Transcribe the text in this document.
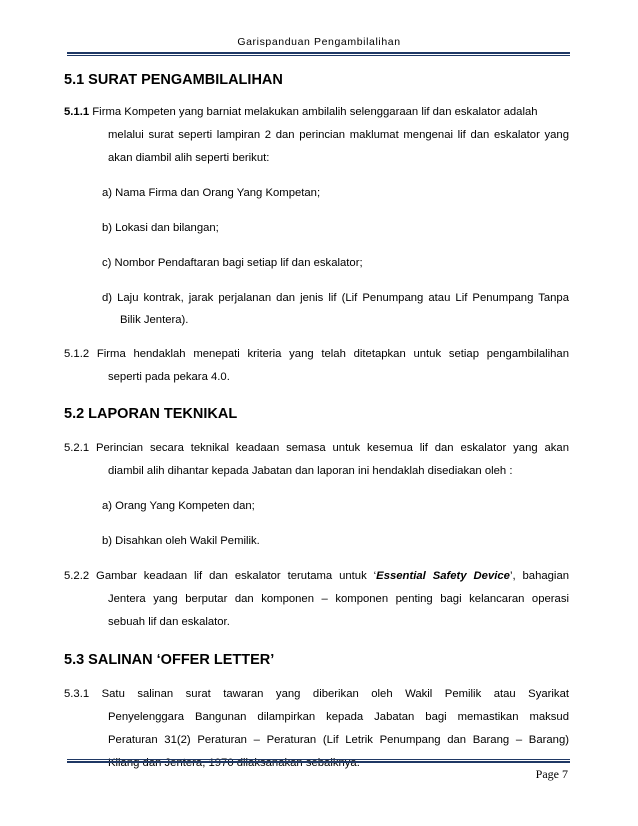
Garispanduan Pengambilalihan
5.1 SURAT PENGAMBILALIHAN

5.1.1 Firma Kompeten yang barniat melakukan ambilalih selenggaraan lif dan eskalator adalah

melalui surat seperti lampiran 2 dan perincian maklumat mengenai lif dan eskalator yang

akan diambil alih seperti berikut:

a) Nama Firma dan Orang Yang Kompetan;

b) Lokasi dan bilangan;

c) Nombor Pendaftaran bagi setiap lif dan eskalator;

d) Laju kontrak, jarak perjalanan dan jenis lif (Lif Penumpang atau Lif Penumpang Tanpa

Bilik Jentera).

5.1.2 Firma hendaklah menepati kriteria yang telah ditetapkan untuk setiap pengambilalihan

seperti pada pekara 4.0.

5.2 LAPORAN TEKNIKAL

5.2.1 Perincian secara teknikal keadaan semasa untuk kesemua lif dan eskalator yang akan

diambil alih dihantar kepada Jabatan dan laporan ini hendaklah disediakan oleh :

a) Orang Yang Kompeten dan;

b) Disahkan oleh Wakil Pemilik.

5.2.2 Gambar keadaan lif dan eskalator terutama untuk ‘Essential Safety Device’, bahagian

Jentera yang berputar dan komponen – komponen penting bagi kelancaran operasi

sebuah lif dan eskalator.

5.3 SALINAN ‘OFFER LETTER’

5.3.1 Satu salinan surat tawaran yang diberikan oleh Wakil Pemilik atau Syarikat

Penyelenggara Bangunan dilampirkan kepada Jabatan bagi memastikan maksud

Peraturan 31(2) Peraturan – Peraturan (Lif Letrik Penumpang dan Barang – Barang)

Kilang dan Jentera, 1970 dilaksanakan sebaiknya.

Page 7
